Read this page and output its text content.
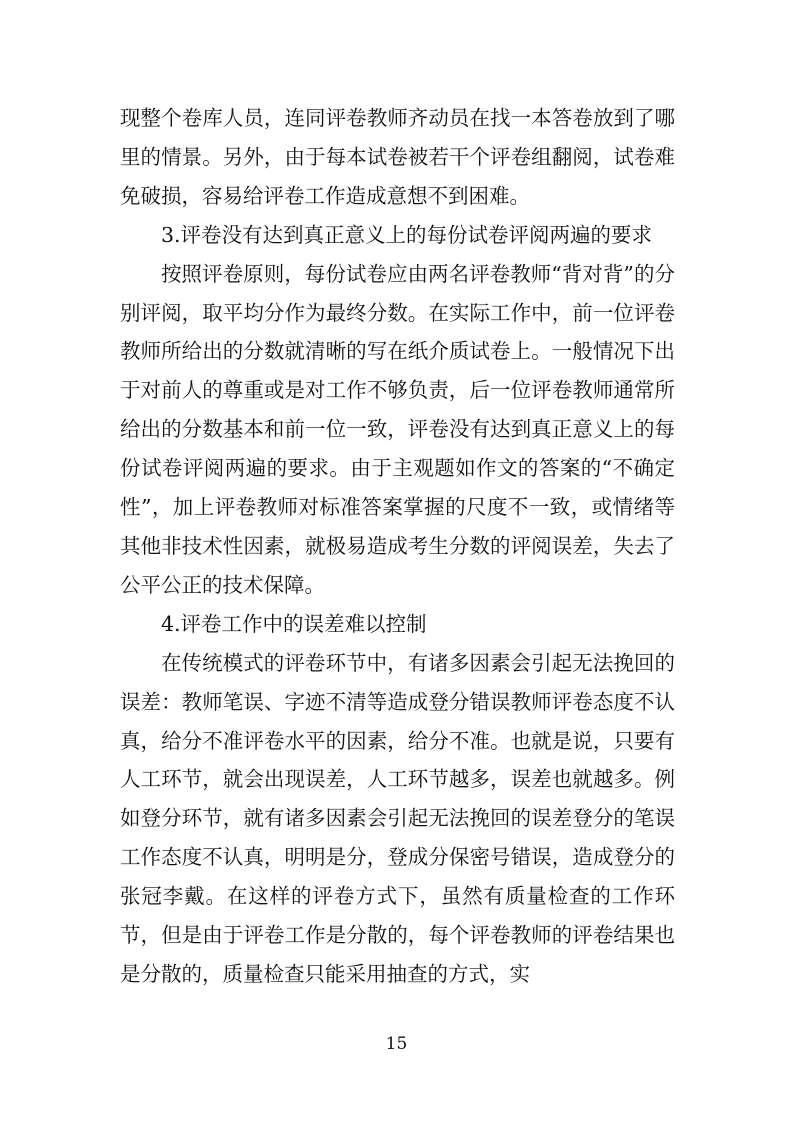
现整个卷库人员，连同评卷教师齐动员在找一本答卷放到了哪里的情景。另外，由于每本试卷被若干个评卷组翻阅，试卷难免破损，容易给评卷工作造成意想不到困难。

3.评卷没有达到真正意义上的每份试卷评阅两遍的要求

按照评卷原则，每份试卷应由两名评卷教师“背对背”的分别评阅，取平均分作为最终分数。在实际工作中，前一位评卷教师所给出的分数就清晰的写在纸介质试卷上。一般情况下出于对前人的尊重或是对工作不够负责，后一位评卷教师通常所给出的分数基本和前一位一致，评卷没有达到真正意义上的每份试卷评阅两遍的要求。由于主观题如作文的答案的“不确定性”，加上评卷教师对标准答案掌握的尺度不一致，或情绪等其他非技术性因素，就极易造成考生分数的评阅误差，失去了公平公正的技术保障。

4.评卷工作中的误差难以控制

在传统模式的评卷环节中，有诸多因素会引起无法挽回的误差：教师笔误、字迹不清等造成登分错误教师评卷态度不认真，给分不准评卷水平的因素，给分不准。也就是说，只要有人工环节，就会出现误差，人工环节越多，误差也就越多。例如登分环节，就有诸多因素会引起无法挽回的误差登分的笔误工作态度不认真，明明是分，登成分保密号错误，造成登分的张冠李戴。在这样的评卷方式下，虽然有质量检查的工作环节，但是由于评卷工作是分散的，每个评卷教师的评卷结果也是分散的，质量检查只能采用抽查的方式，实

15
